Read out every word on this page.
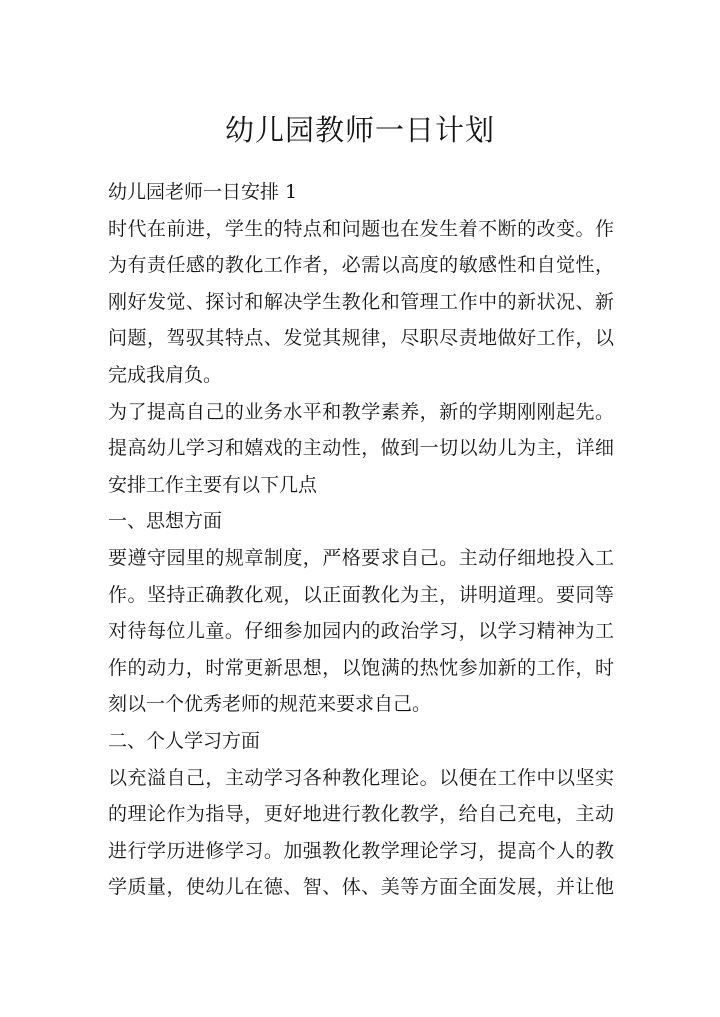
幼儿园教师一日计划
幼儿园老师一日安排 1
时代在前进，学生的特点和问题也在发生着不断的改变。作
为有责任感的教化工作者，必需以高度的敏感性和自觉性，
刚好发觉、探讨和解决学生教化和管理工作中的新状况、新
问题，驾驭其特点、发觉其规律，尽职尽责地做好工作，以
完成我肩负。
为了提高自己的业务水平和教学素养，新的学期刚刚起先。
提高幼儿学习和嬉戏的主动性，做到一切以幼儿为主，详细
安排工作主要有以下几点
一、思想方面
要遵守园里的规章制度，严格要求自己。主动仔细地投入工
作。坚持正确教化观，以正面教化为主，讲明道理。要同等
对待每位儿童。仔细参加园内的政治学习，以学习精神为工
作的动力，时常更新思想，以饱满的热忱参加新的工作，时
刻以一个优秀老师的规范来要求自己。
二、个人学习方面
以充溢自己，主动学习各种教化理论。以便在工作中以坚实
的理论作为指导，更好地进行教化教学，给自己充电，主动
进行学历进修学习。加强教化教学理论学习，提高个人的教
学质量，使幼儿在德、智、体、美等方面全面发展，并让他
